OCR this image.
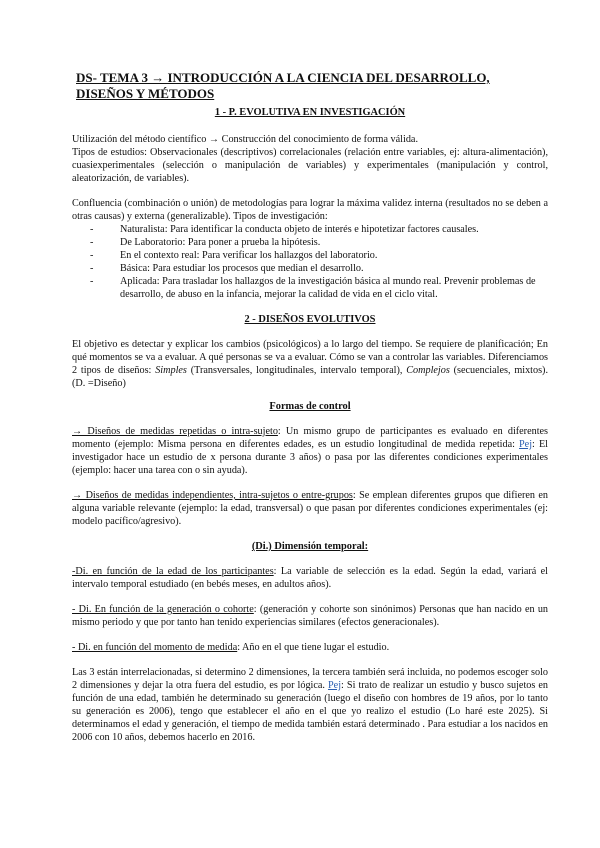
DS- TEMA 3 → INTRODUCCIÓN A LA CIENCIA DEL DESARROLLO, DISEÑOS Y MÉTODOS

1 - P. EVOLUTIVA EN INVESTIGACIÓN

Utilización del método científico → Construcción del conocimiento de forma válida.

Tipos de estudios: Observacionales (descriptivos) correlacionales (relación entre variables, ej: altura-alimentación), cuasiexperimentales (selección o manipulación de variables) y experimentales (manipulación y control, aleatorización, de variables).

Confluencia (combinación o unión) de metodologías para lograr la máxima validez interna (resultados no se deben a otras causas) y externa (generalizable). Tipos de investigación:

- Naturalista: Para identificar la conducta objeto de interés e hipotetizar factores causales.
- De Laboratorio: Para poner a prueba la hipótesis.
- En el contexto real: Para verificar los hallazgos del laboratorio.
- Básica: Para estudiar los procesos que median el desarrollo.
- Aplicada: Para trasladar los hallazgos de la investigación básica al mundo real. Prevenir problemas de desarrollo, de abuso en la infancia, mejorar la calidad de vida en el ciclo vital.

2 - DISEÑOS EVOLUTIVOS

El objetivo es detectar y explicar los cambios (psicológicos) a lo largo del tiempo. Se requiere de planificación; En qué momentos se va a evaluar. A qué personas se va a evaluar. Cómo se van a controlar las variables. Diferenciamos 2 tipos de diseños: Simples (Transversales, longitudinales, intervalo temporal), Complejos (secuenciales, mixtos). (D. =Diseño)

Formas de control

→ Diseños de medidas repetidas o intra-sujeto: Un mismo grupo de participantes es evaluado en diferentes momento (ejemplo: Misma persona en diferentes edades, es un estudio longitudinal de medida repetida: Pej: El investigador hace un estudio de x persona durante 3 años) o pasa por las diferentes condiciones experimentales (ejemplo: hacer una tarea con o sin ayuda).

→ Diseños de medidas independientes, intra-sujetos o entre-grupos: Se emplean diferentes grupos que difieren en alguna variable relevante (ejemplo: la edad, transversal) o que pasan por diferentes condiciones experimentales (ej: modelo pacífico/agresivo).

(Di.) Dimensión temporal:

-Di. en función de la edad de los participantes: La variable de selección es la edad. Según la edad, variará el intervalo temporal estudiado (en bebés meses, en adultos años).

- Di. En función de la generación o cohorte: (generación y cohorte son sinónimos) Personas que han nacido en un mismo periodo y que por tanto han tenido experiencias similares (efectos generacionales).

- Di. en función del momento de medida: Año en el que tiene lugar el estudio.

Las 3 están interrelacionadas, si determino 2 dimensiones, la tercera también será incluida, no podemos escoger solo 2 dimensiones y dejar la otra fuera del estudio, es por lógica. Pej: Si trato de realizar un estudio y busco sujetos en función de una edad, también he determinado su generación (luego el diseño con hombres de 19 años, por lo tanto su generación es 2006), tengo que establecer el año en el que yo realizo el estudio (Lo haré este 2025). Si determinamos el edad y generación, el tiempo de medida también estará determinado . Para estudiar a los nacidos en 2006 con 10 años, debemos hacerlo en 2016.
